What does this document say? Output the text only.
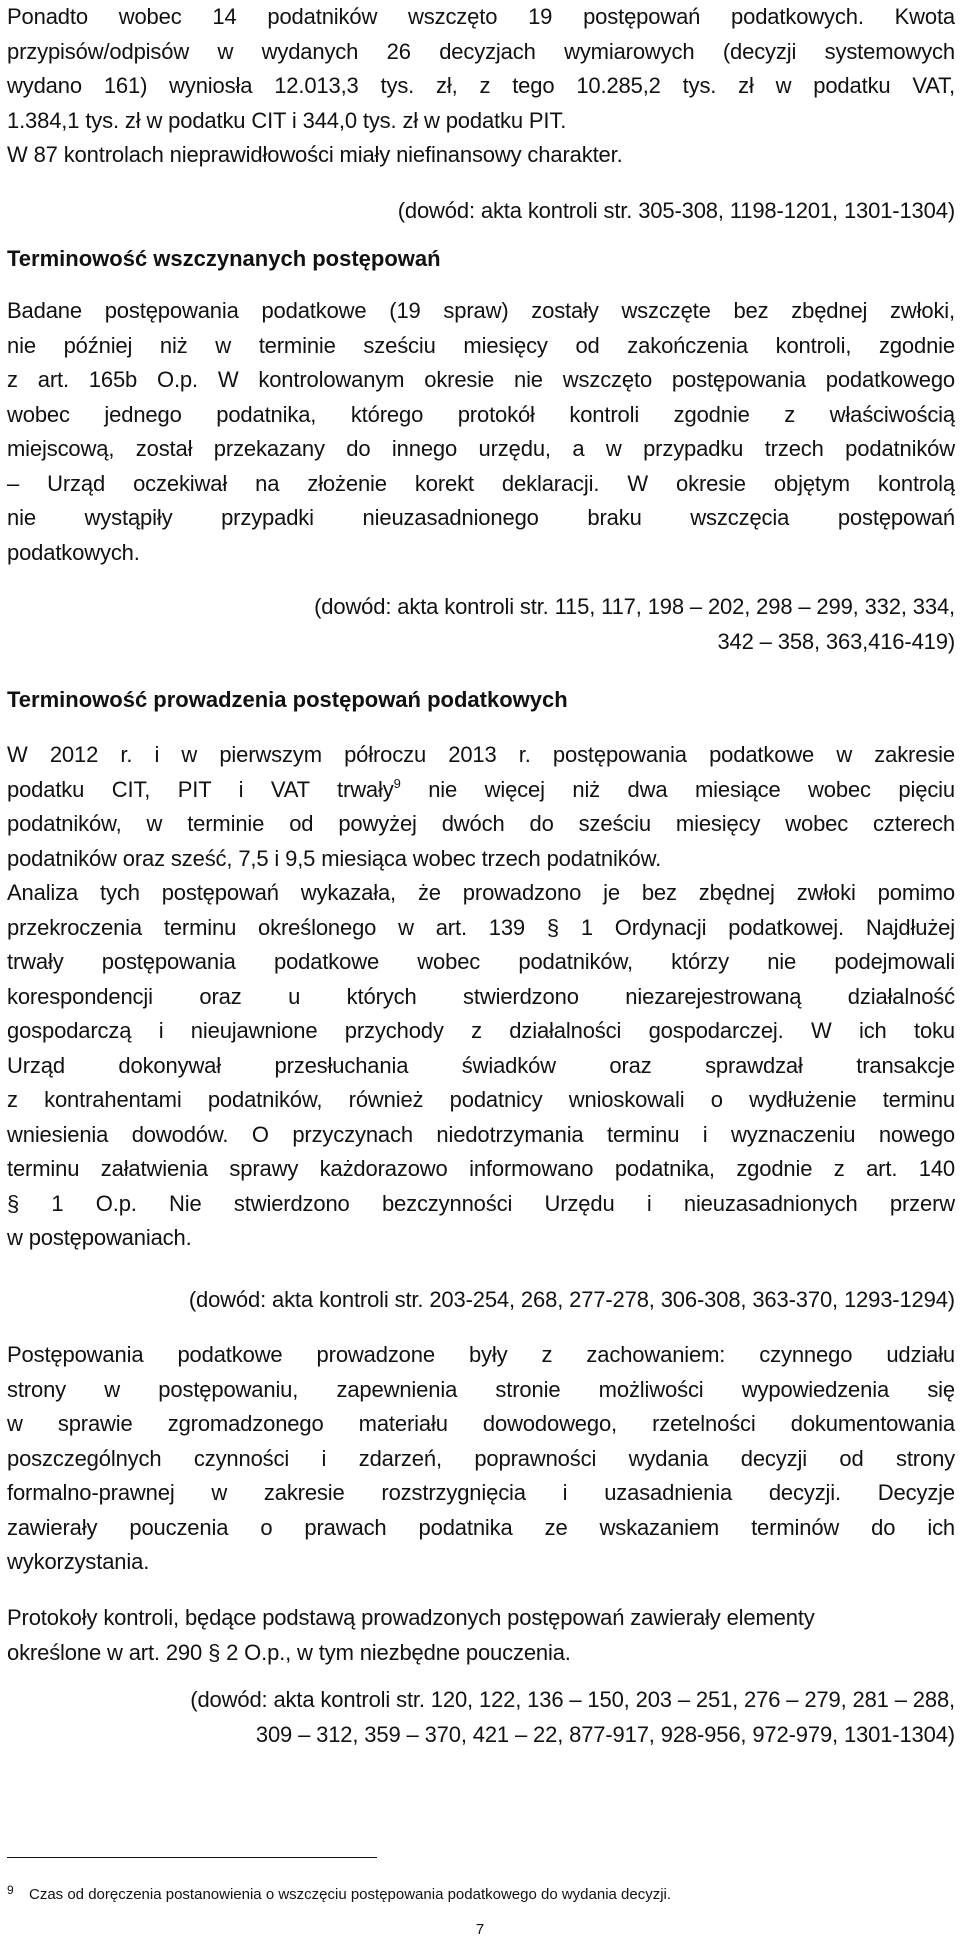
Ponadto wobec 14 podatników wszczęto 19 postępowań podatkowych. Kwota
przypisów/odpisów w wydanych 26 decyzjach wymiarowych (decyzji systemowych
wydano 161) wyniosła 12.013,3 tys. zł, z tego 10.285,2 tys. zł w podatku VAT,
1.384,1 tys. zł w podatku CIT i 344,0 tys. zł w podatku PIT.
W 87 kontrolach nieprawidłowości miały niefinansowy charakter.
(dowód: akta kontroli str. 305-308, 1198-1201, 1301-1304)
Terminowość wszczynanych postępowań
Badane postępowania podatkowe (19 spraw) zostały wszczęte bez zbędnej zwłoki,
nie później niż w terminie sześciu miesięcy od zakończenia kontroli, zgodnie
z art. 165b O.p. W kontrolowanym okresie nie wszczęto postępowania podatkowego
wobec jednego podatnika, którego protokół kontroli zgodnie z właściwością
miejscową, został przekazany do innego urzędu, a w przypadku trzech podatników
– Urząd oczekiwał na złożenie korekt deklaracji. W okresie objętym kontrolą
nie wystąpiły przypadki nieuzasadnionego braku wszczęcia postępowań
podatkowych.
(dowód: akta kontroli str. 115, 117, 198 – 202, 298 – 299, 332, 334,
342 – 358, 363,416-419)
Terminowość prowadzenia postępowań podatkowych
W 2012 r. i w pierwszym półroczu 2013 r. postępowania podatkowe w zakresie
podatku CIT, PIT i VAT trwały$^9$ nie więcej niż dwa miesiące wobec pięciu
podatników, w terminie od powyżej dwóch do sześciu miesięcy wobec czterech
podatników oraz sześć, 7,5 i 9,5 miesiąca wobec trzech podatników.
Analiza tych postępowań wykazała, że prowadzono je bez zbędnej zwłoki pomimo
przekroczenia terminu określonego w art. 139 § 1 Ordynacji podatkowej. Najdłużej
trwały postępowania podatkowe wobec podatników, którzy nie podejmowali
korespondencji oraz u których stwierdzono niezarejestrowaną działalność
gospodarczą i nieujawnione przychody z działalności gospodarczej. W ich toku
Urząd dokonywał przesłuchania świadków oraz sprawdzał transakcje
z kontrahentami podatników, również podatnicy wnioskowali o wydłużenie terminu
wniesienia dowodów. O przyczynach niedotrzymania terminu i wyznaczeniu nowego
terminu załatwienia sprawy każdorazowo informowano podatnika, zgodnie z art. 140
§ 1 O.p. Nie stwierdzono bezczynności Urzędu i nieuzasadnionych przerw
w postępowaniach.
(dowód: akta kontroli str. 203-254, 268, 277-278, 306-308, 363-370, 1293-1294)
Postępowania podatkowe prowadzone były z zachowaniem: czynnego udziału
strony w postępowaniu, zapewnienia stronie możliwości wypowiedzenia się
w sprawie zgromadzonego materiału dowodowego, rzetelności dokumentowania
poszczególnych czynności i zdarzeń, poprawności wydania decyzji od strony
formalno-prawnej w zakresie rozstrzygnięcia i uzasadnienia decyzji. Decyzje
zawierały pouczenia o prawach podatnika ze wskazaniem terminów do ich
wykorzystania.
Protokoły kontroli, będące podstawą prowadzonych postępowań zawierały elementy
określone w art. 290 § 2 O.p., w tym niezbędne pouczenia.
(dowód: akta kontroli str. 120, 122, 136 – 150, 203 – 251, 276 – 279, 281 – 288,
309 – 312, 359 – 370, 421 – 22, 877-917, 928-956, 972-979, 1301-1304)
9 Czas od doręczenia postanowienia o wszczęciu postępowania podatkowego do wydania decyzji.
7
